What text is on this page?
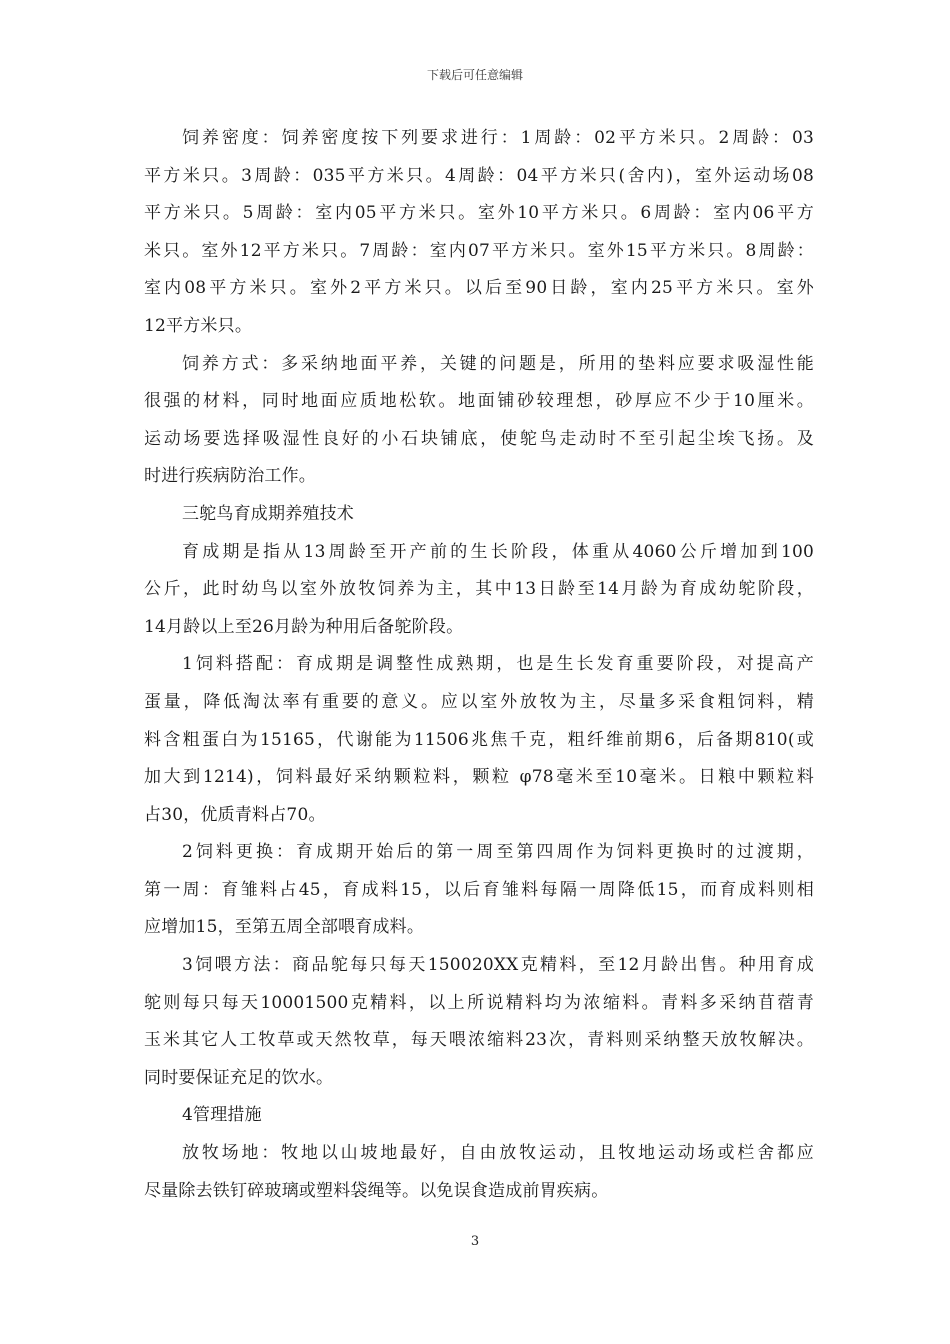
下载后可任意编辑
饲养密度：饲养密度按下列要求进行：1周龄：02平方米只。2周龄：03
平方米只。3周龄：035平方米只。4周龄：04平方米只(舍内)，室外运动场08
平方米只。5周龄：室内05平方米只。室外10平方米只。6周龄：室内06平方
米只。室外12平方米只。7周龄：室内07平方米只。室外15平方米只。8周龄：
室内08平方米只。室外2平方米只。以后至90日龄，室内25平方米只。室外
12平方米只。
饲养方式：多采纳地面平养，关键的问题是，所用的垫料应要求吸湿性能
很强的材料，同时地面应质地松软。地面铺砂较理想，砂厚应不少于10厘米。
运动场要选择吸湿性良好的小石块铺底，使鸵鸟走动时不至引起尘埃飞扬。及
时进行疾病防治工作。
三鸵鸟育成期养殖技术
育成期是指从13周龄至开产前的生长阶段，体重从4060公斤增加到100
公斤，此时幼鸟以室外放牧饲养为主，其中13日龄至14月龄为育成幼鸵阶段，
14月龄以上至26月龄为种用后备鸵阶段。
1饲料搭配：育成期是调整性成熟期，也是生长发育重要阶段，对提高产
蛋量，降低淘汰率有重要的意义。应以室外放牧为主，尽量多采食粗饲料，精
料含粗蛋白为15165，代谢能为11506兆焦千克，粗纤维前期6，后备期810(或
加大到1214)，饲料最好采纳颗粒料，颗粒 φ78毫米至10毫米。日粮中颗粒料
占30，优质青料占70。
2饲料更换：育成期开始后的第一周至第四周作为饲料更换时的过渡期，
第一周：育雏料占45，育成料15，以后育雏料每隔一周降低15，而育成料则相
应增加15，至第五周全部喂育成料。
3饲喂方法：商品鸵每只每天150020XX克精料，至12月龄出售。种用育成
鸵则每只每天10001500克精料，以上所说精料均为浓缩料。青料多采纳苜蓿青
玉米其它人工牧草或天然牧草，每天喂浓缩料23次，青料则采纳整天放牧解决。
同时要保证充足的饮水。
4管理措施
放牧场地：牧地以山坡地最好，自由放牧运动，且牧地运动场或栏舍都应
尽量除去铁钉碎玻璃或塑料袋绳等。以免误食造成前胃疾病。
3
